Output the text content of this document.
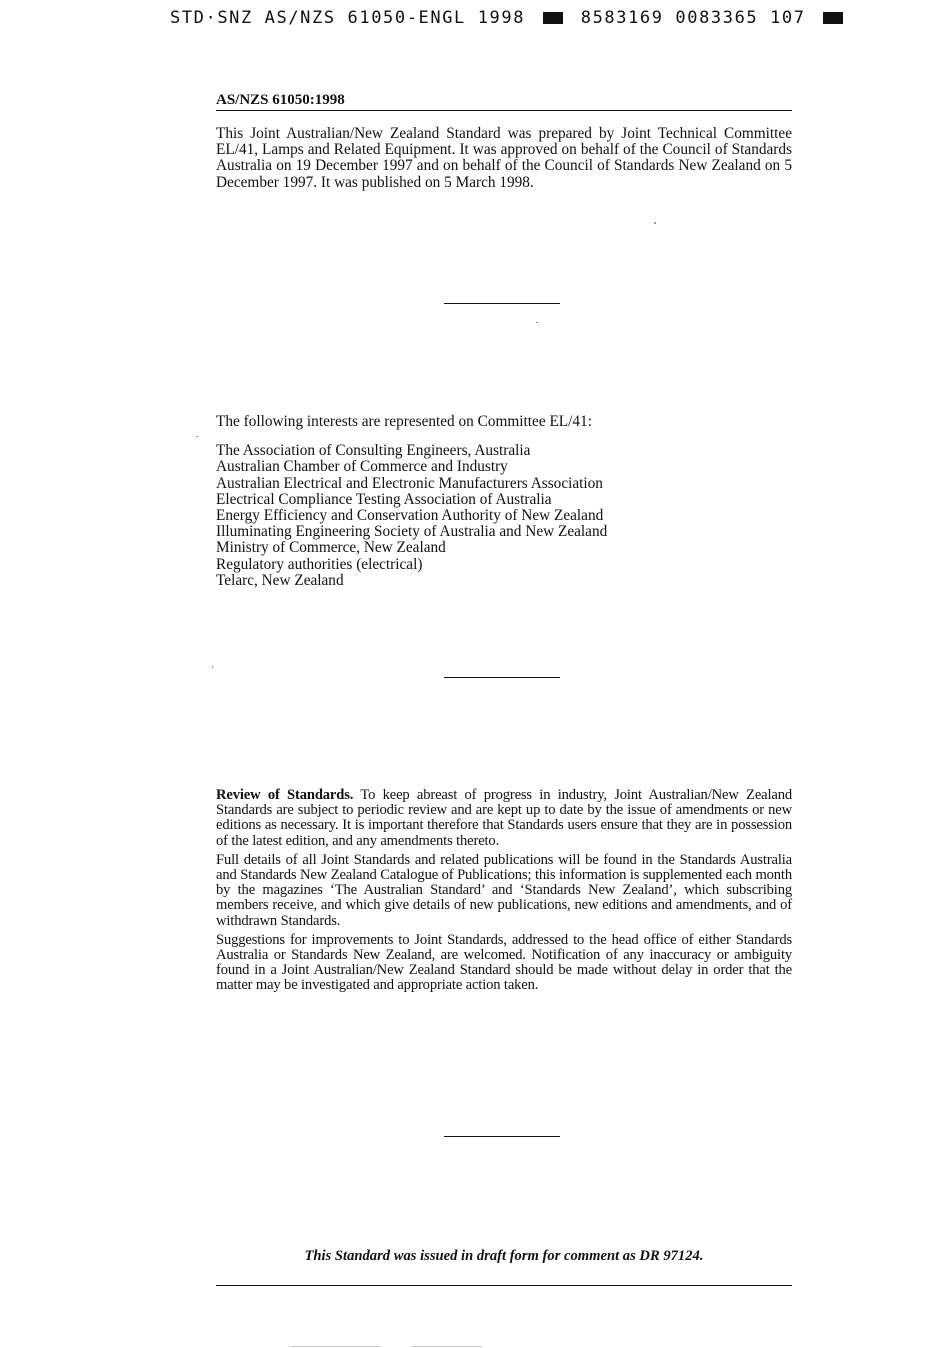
STD·SNZ AS/NZS 61050-ENGL 1998	8583169 0083365 107
AS/NZS 61050:1998
This Joint Australian/New Zealand Standard was prepared by Joint Technical Committee EL/41, Lamps and Related Equipment. It was approved on behalf of the Council of Standards Australia on 19 December 1997 and on behalf of the Council of Standards New Zealand on 5 December 1997. It was published on 5 March 1998.
The following interests are represented on Committee EL/41:
The Association of Consulting Engineers, Australia
Australian Chamber of Commerce and Industry
Australian Electrical and Electronic Manufacturers Association
Electrical Compliance Testing Association of Australia
Energy Efficiency and Conservation Authority of New Zealand
Illuminating Engineering Society of Australia and New Zealand
Ministry of Commerce, New Zealand
Regulatory authorities (electrical)
Telarc, New Zealand

Review of Standards. To keep abreast of progress in industry, Joint Australian/New Zealand Standards are subject to periodic review and are kept up to date by the issue of amendments or new editions as necessary. It is important therefore that Standards users ensure that they are in possession of the latest edition, and any amendments thereto.

Full details of all Joint Standards and related publications will be found in the Standards Australia and Standards New Zealand Catalogue of Publications; this information is supplemented each month by the magazines ‘The Australian Standard’ and ‘Standards New Zealand’, which subscribing members receive, and which give details of new publications, new editions and amendments, and of withdrawn Standards.

Suggestions for improvements to Joint Standards, addressed to the head office of either Standards Australia or Standards New Zealand, are welcomed. Notification of any inaccuracy or ambiguity found in a Joint Australian/New Zealand Standard should be made without delay in order that the matter may be investigated and appropriate action taken.

This Standard was issued in draft form for comment as DR 97124.
